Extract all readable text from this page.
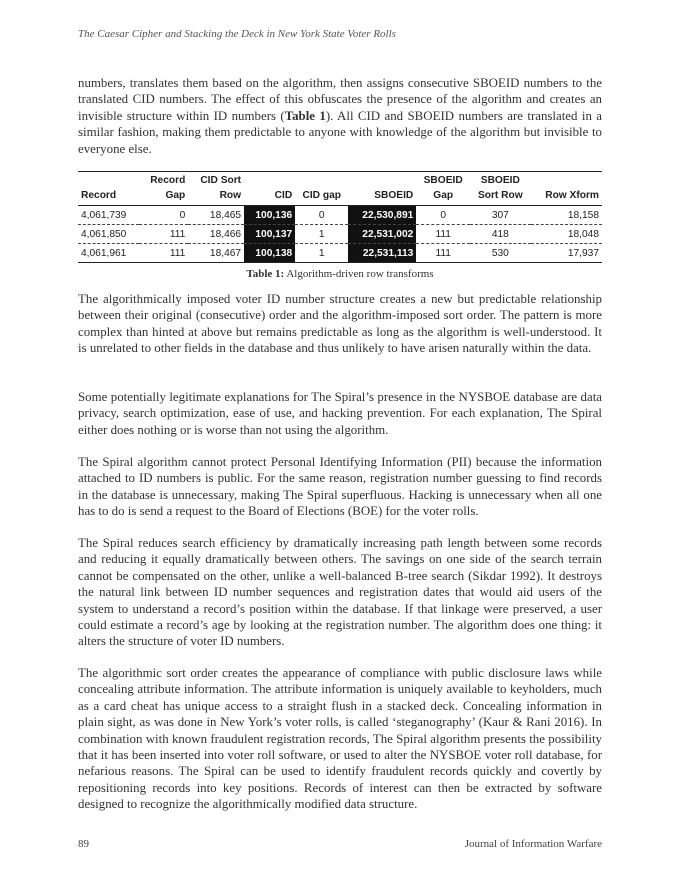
The Caesar Cipher and Stacking the Deck in New York State Voter Rolls

numbers, translates them based on the algorithm, then assigns consecutive SBOEID numbers to the translated CID numbers. The effect of this obfuscates the presence of the algorithm and creates an invisible structure within ID numbers (Table 1). All CID and SBOEID numbers are translated in a similar fashion, making them predictable to anyone with knowledge of the algorithm but invisible to everyone else.

	Record	CID Sort				SBOEID	SBOEID	
Record	Gap	Row	CID	CID gap	SBOEID	Gap	Sort Row	Row Xform
4,061,739	0	18,465	100,136	0	22,530,891	0	307	18,158
4,061,850	111	18,466	100,137	1	22,531,002	111	418	18,048
4,061,961	111	18,467	100,138	1	22,531,113	111	530	17,937
Table 1: Algorithm-driven row transforms

The algorithmically imposed voter ID number structure creates a new but predictable relationship between their original (consecutive) order and the algorithm-imposed sort order. The pattern is more complex than hinted at above but remains predictable as long as the algorithm is well-understood. It is unrelated to other fields in the database and thus unlikely to have arisen naturally within the data.

Some potentially legitimate explanations for The Spiral’s presence in the NYSBOE database are data privacy, search optimization, ease of use, and hacking prevention. For each explanation, The Spiral either does nothing or is worse than not using the algorithm.

The Spiral algorithm cannot protect Personal Identifying Information (PII) because the information attached to ID numbers is public. For the same reason, registration number guessing to find records in the database is unnecessary, making The Spiral superfluous. Hacking is unnecessary when all one has to do is send a request to the Board of Elections (BOE) for the voter rolls.

The Spiral reduces search efficiency by dramatically increasing path length between some records and reducing it equally dramatically between others. The savings on one side of the search terrain cannot be compensated on the other, unlike a well-balanced B-tree search (Sikdar 1992). It destroys the natural link between ID number sequences and registration dates that would aid users of the system to understand a record’s position within the database. If that linkage were preserved, a user could estimate a record’s age by looking at the registration number. The algorithm does one thing: it alters the structure of voter ID numbers.

The algorithmic sort order creates the appearance of compliance with public disclosure laws while concealing attribute information. The attribute information is uniquely available to keyholders, much as a card cheat has unique access to a straight flush in a stacked deck. Concealing information in plain sight, as was done in New York’s voter rolls, is called ‘steganography’ (Kaur & Rani 2016). In combination with known fraudulent registration records, The Spiral algorithm presents the possibility that it has been inserted into voter roll software, or used to alter the NYSBOE voter roll database, for nefarious reasons. The Spiral can be used to identify fraudulent records quickly and covertly by repositioning records into key positions. Records of interest can then be extracted by software designed to recognize the algorithmically modified data structure.

89	Journal of Information Warfare
